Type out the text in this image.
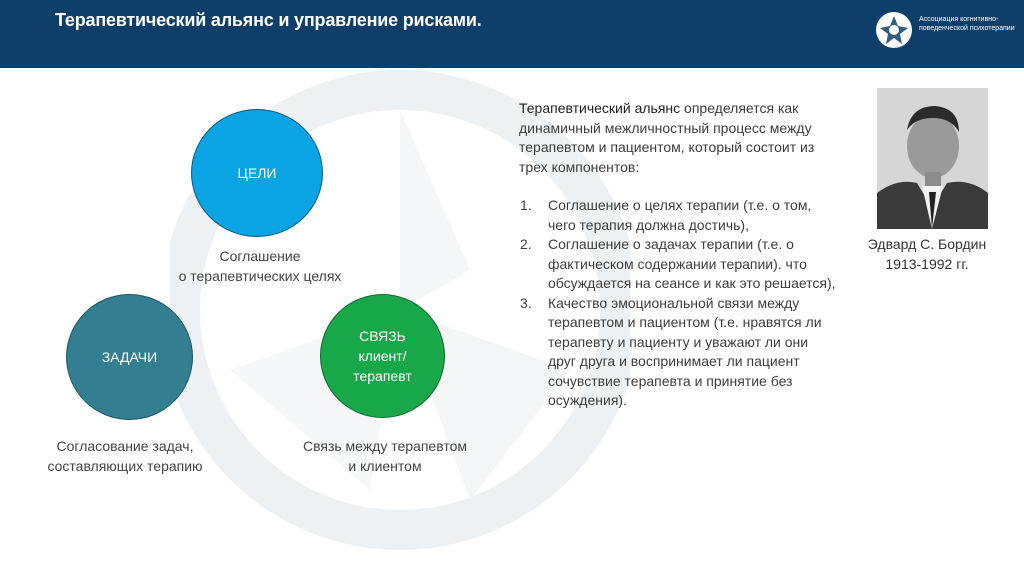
Терапевтический альянс и управление рисками.	Ассоциация когнитивно-поведенческой психотерапии
ЦЕЛИ
Соглашение
о терапевтических целях
ЗАДАЧИ
Согласование задач,
составляющих терапию
СВЯЗЬ
клиент/
терапевт
Связь между терапевтом
и клиентом

Терапевтический альянс определяется как динамичный межличностный процесс между терапевтом и пациентом, который состоит из трех компонентов:

1. Соглашение о целях терапии (т.е. о том, чего терапия должна достичь),
2. Соглашение о задачах терапии (т.е. о фактическом содержании терапии). что обсуждается на сеансе и как это решается),
3. Качество эмоциональной связи между терапевтом и пациентом (т.е. нравятся ли терапевту и пациенту и уважают ли они друг друга и воспринимает ли пациент сочувствие терапевта и принятие без осуждения).
Эдвард С. Бордин
1913-1992 гг.
